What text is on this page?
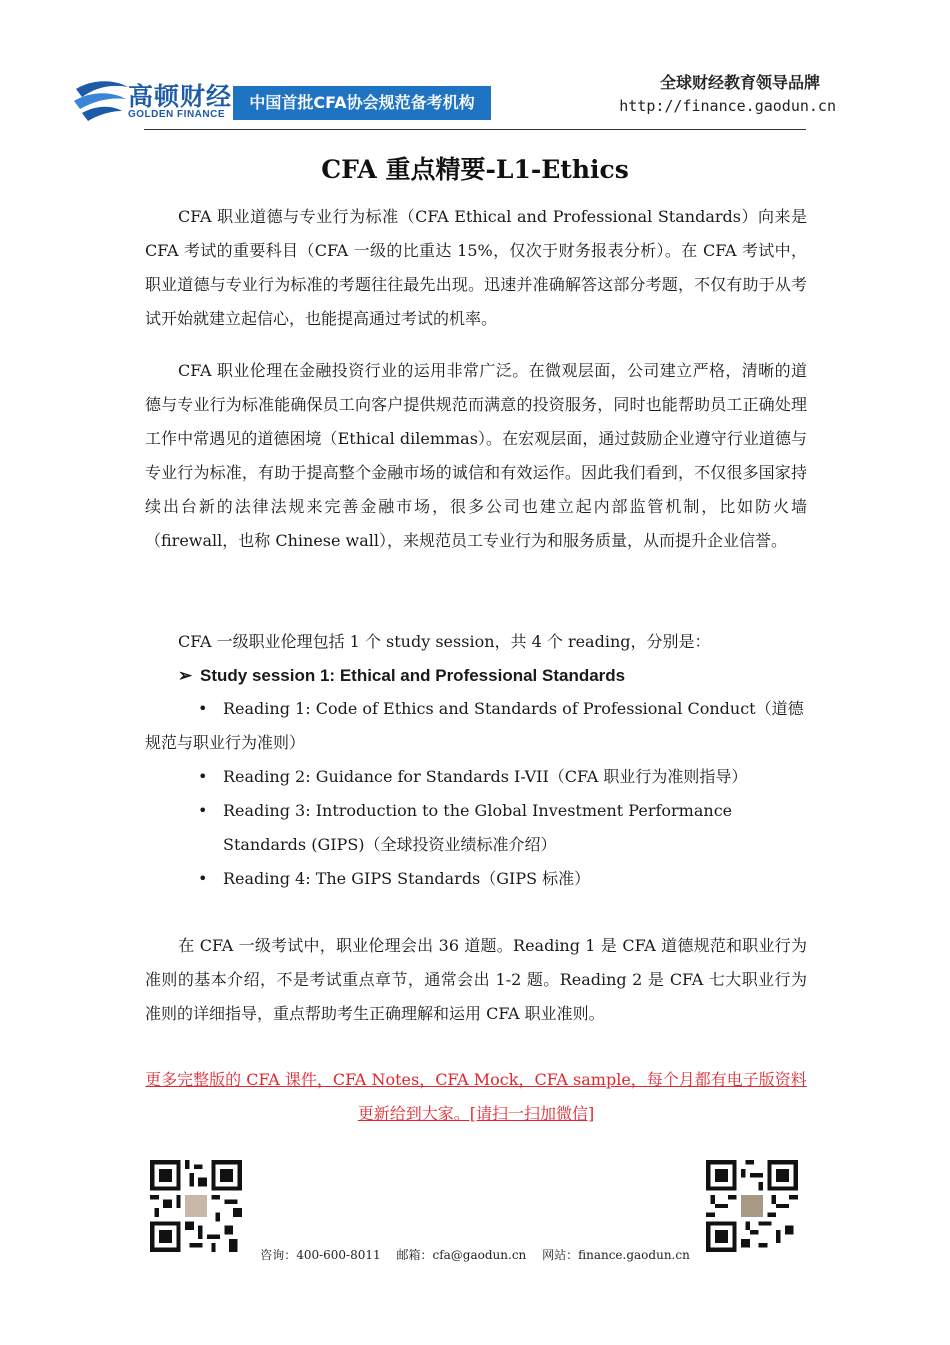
高顿财经
GOLDEN FINANCE
中国首批CFA协会规范备考机构
全球财经教育领导品牌
http://finance.gaodun.cn
CFA 重点精要-L1-Ethics
CFA 职业道德与专业行为标准（CFA Ethical and Professional Standards）向来是 CFA 考试的重要科目（CFA 一级的比重达 15%，仅次于财务报表分析）。在 CFA 考试中，职业道德与专业行为标准的考题往往最先出现。迅速并准确解答这部分考题，不仅有助于从考试开始就建立起信心，也能提高通过考试的机率。
CFA 职业伦理在金融投资行业的运用非常广泛。在微观层面，公司建立严格，清晰的道德与专业行为标准能确保员工向客户提供规范而满意的投资服务，同时也能帮助员工正确处理工作中常遇见的道德困境（Ethical dilemmas）。在宏观层面，通过鼓励企业遵守行业道德与专业行为标准，有助于提高整个金融市场的诚信和有效运作。因此我们看到，不仅很多国家持续出台新的法律法规来完善金融市场，很多公司也建立起内部监管机制，比如防火墙（firewall，也称 Chinese wall），来规范员工专业行为和服务质量，从而提升企业信誉。
CFA 一级职业伦理包括 1 个 study session，共 4 个 reading，分别是：
➢ Study session 1: Ethical and Professional Standards
• Reading 1: Code of Ethics and Standards of Professional Conduct（道德规范与职业行为准则）
• Reading 2: Guidance for Standards I-VII（CFA 职业行为准则指导）
• Reading 3: Introduction to the Global Investment Performance Standards (GIPS)（全球投资业绩标准介绍）
• Reading 4: The GIPS Standards（GIPS 标准）
在 CFA 一级考试中，职业伦理会出 36 道题。Reading 1 是 CFA 道德规范和职业行为准则的基本介绍，不是考试重点章节，通常会出 1-2 题。Reading 2 是 CFA 七大职业行为准则的详细指导，重点帮助考生正确理解和运用 CFA 职业准则。
更多完整版的 CFA 课件，CFA Notes，CFA Mock，CFA sample，每个月都有电子版资料更新给到大家。[请扫一扫加微信]
咨询：400-600-8011 邮箱：cfa@gaodun.cn 网站：finance.gaodun.cn
